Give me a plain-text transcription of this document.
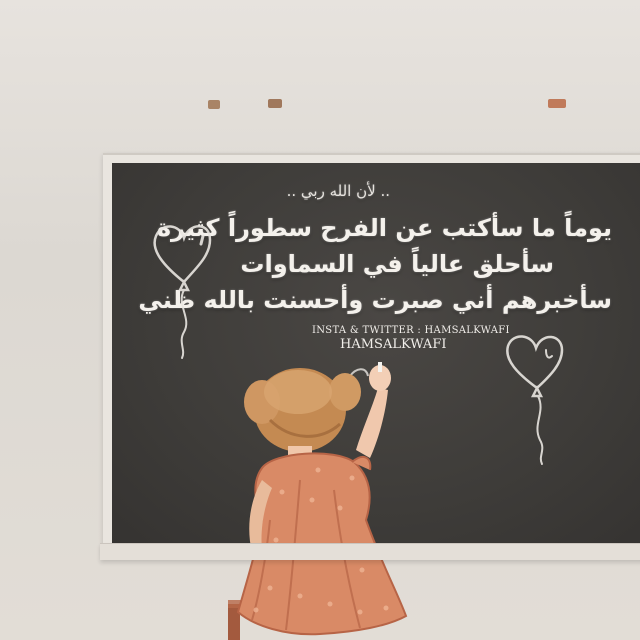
.. لأن الله ربي ..
يوماً ما سأكتب عن الفرح سطوراً كثيرة
سأحلق عالياً في السماوات
سأخبرهم أني صبرت وأحسنت بالله ظني
INSTA & TWITTER : HAMSALKWAFI
HAMSALKWAFI
